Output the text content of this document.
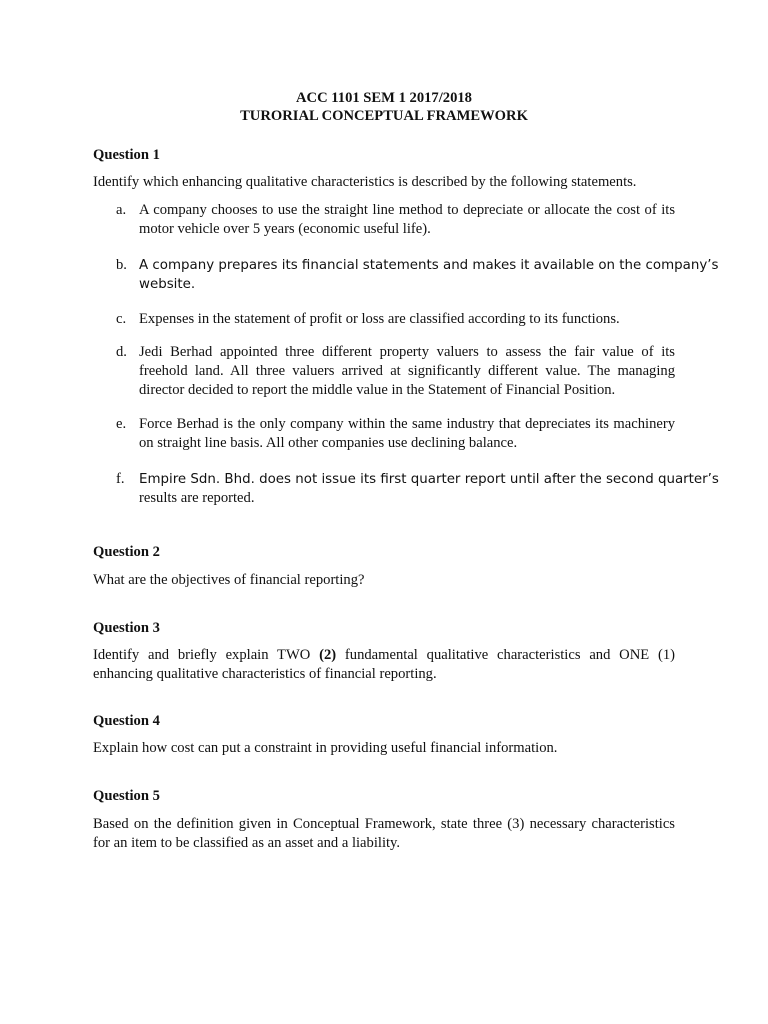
ACC 1101 SEM 1 2017/2018
TURORIAL CONCEPTUAL FRAMEWORK
Question 1
Identify which enhancing qualitative characteristics is described by the following statements.
a. A company chooses to use the straight line method to depreciate or allocate the cost of its motor vehicle over 5 years (economic useful life).
b. A company prepares its financial statements and makes it available on the company’s
website.
c. Expenses in the statement of profit or loss are classified according to its functions.
d. Jedi Berhad appointed three different property valuers to assess the fair value of its freehold land. All three valuers arrived at significantly different value. The managing director decided to report the middle value in the Statement of Financial Position.
e. Force Berhad is the only company within the same industry that depreciates its machinery on straight line basis. All other companies use declining balance.
f. Empire Sdn. Bhd. does not issue its first quarter report until after the second quarter’s
results are reported.
Question 2
What are the objectives of financial reporting?
Question 3
Identify and briefly explain TWO (2) fundamental qualitative characteristics and ONE (1) enhancing qualitative characteristics of financial reporting.
Question 4
Explain how cost can put a constraint in providing useful financial information.
Question 5
Based on the definition given in Conceptual Framework, state three (3) necessary characteristics for an item to be classified as an asset and a liability.
